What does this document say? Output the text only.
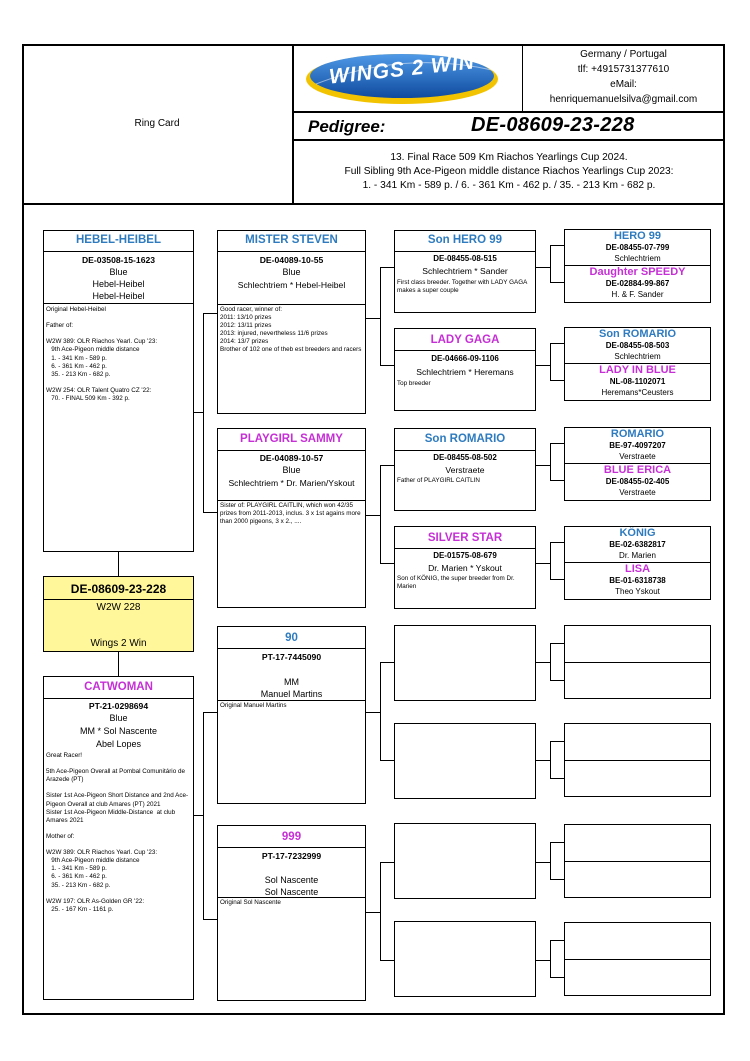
Ring Card
WINGS 2 WIN	Germany / Portugal
tlf: +4915731377610
eMail:
henriquemanuelsilva@gmail.com
Pedigree:	DE-08609-23-228
13. Final Race 509 Km Riachos Yearlings Cup 2024.
Full Sibling 9th Ace-Pigeon middle distance Riachos Yearlings Cup 2023:
1. - 341 Km - 589 p. / 6. - 361 Km - 462 p. / 35. - 213 Km - 682 p.
HEBEL-HEIBEL
DE-03508-15-1623
Blue
Hebel-Heibel
Hebel-Heibel
Original Hebel-Heibel

Father of:

W2W 389: OLR Riachos Yearl. Cup '23:
9th Ace-Pigeon middle distance
1. - 341 Km - 589 p.
6. - 361 Km - 462 p.
35. - 213 Km - 682 p.

W2W 254: OLR Talent Quatro CZ '22:
70. - FINAL 509 Km - 392 p.
DE-08609-23-228
W2W 228
Wings 2 Win
CATWOMAN
PT-21-0298694
Blue
MM * Sol Nascente
Abel Lopes
Great Racer!

5th Ace-Pigeon Overall at Pombal Comunitário de Arazede (PT)

Sister 1st Ace-Pigeon Short Distance and 2nd Ace-Pigeon Overall at club Amares (PT) 2021
Sister 1st Ace-Pigeon Middle-Distance  at club Amares 2021

Mother of:

W2W 389: OLR Riachos Yearl. Cup '23:
9th Ace-Pigeon middle distance
1. - 341 Km - 589 p.
6. - 361 Km - 462 p.
35. - 213 Km - 682 p.

W2W 197: OLR As-Golden GR '22:
25. - 167 Km - 1161 p.
MISTER STEVEN
DE-04089-10-55
Blue
Schlechtriem * Hebel-Heibel
Good racer, winner of:
2011: 13/10 prizes
2012: 13/11 prizes
2013: injured, nevertheless 11/6 prizes
2014: 13/7 prizes
Brother of 102 one of theb est breeders and racers
PLAYGIRL SAMMY
DE-04089-10-57
Blue
Schlechtriem * Dr. Marien/Yskout
Sister of: PLAYGIRL CAITLIN, which won 42/35 prizes from 2011-2013, inclus. 3 x 1st agains more than 2000 pigeons, 3 x 2., ....
90
PT-17-7445090
MM
Manuel Martins
Original Manuel Martins
999
PT-17-7232999
Sol Nascente
Sol Nascente
Original Sol Nascente
Son HERO 99
DE-08455-08-515
Schlechtriem * Sander
First class breeder. Together with LADY GAGA makes a super couple
LADY GAGA
DE-04666-09-1106
Schlechtriem * Heremans
Top breeder
Son ROMARIO
DE-08455-08-502
Verstraete
Father of PLAYGIRL CAITLIN
SILVER STAR
DE-01575-08-679
Dr. Marien * Yskout
Son of KÖNIG, the super breeder from Dr. Marien
HERO 99
DE-08455-07-799
Schlechtriem
Daughter SPEEDY
DE-02884-99-867
H. & F. Sander
Son ROMARIO
DE-08455-08-503
Schlechtriem
LADY IN BLUE
NL-08-1102071
Heremans*Ceusters
ROMARIO
BE-97-4097207
Verstraete
BLUE ERICA
DE-08455-02-405
Verstraete
KÖNIG
BE-02-6382817
Dr. Marien
LISA
BE-01-6318738
Theo Yskout
